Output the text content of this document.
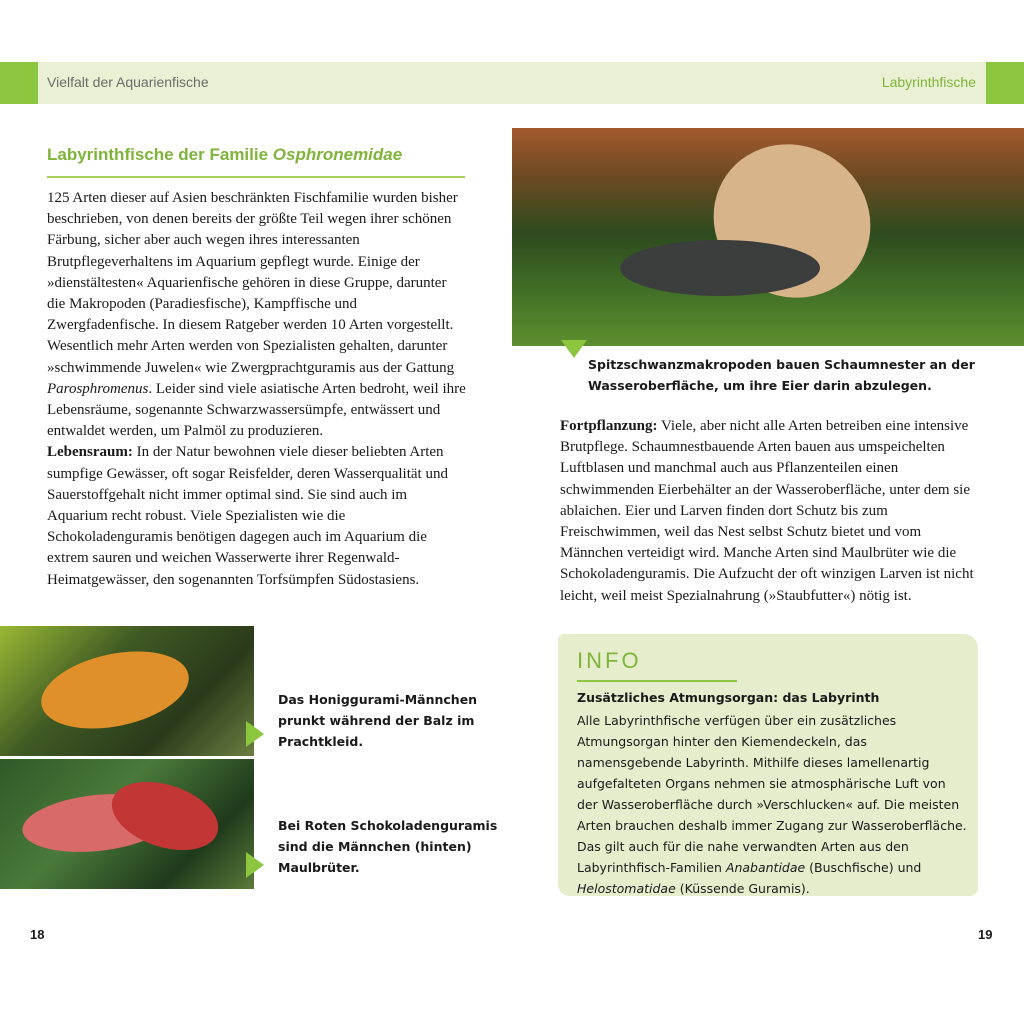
Vielfalt der Aquarienfische	Labyrinthfische
Labyrinthfische der Familie Osphronemidae

125 Arten dieser auf Asien beschränkten Fischfamilie wurden bisher beschrieben, von denen bereits der größte Teil wegen ihrer schönen Färbung, sicher aber auch wegen ihres interessanten Brutpflegeverhaltens im Aquarium gepflegt wurde. Einige der »dienstältesten« Aquarienfische gehören in diese Gruppe, darunter die Makropoden (Paradiesfische), Kampffische und Zwergfadenfische. In diesem Ratgeber werden 10 Arten vorgestellt. Wesentlich mehr Arten werden von Spezialisten gehalten, darunter »schwimmende Juwelen« wie Zwergprachtguramis aus der Gattung Parosphromenus. Leider sind viele asiatische Arten bedroht, weil ihre Lebensräume, sogenannte Schwarzwassersümpfe, entwässert und entwaldet werden, um Palmöl zu produzieren.

Lebensraum: In der Natur bewohnen viele dieser beliebten Arten sumpfige Gewässer, oft sogar Reisfelder, deren Wasserqualität und Sauerstoffgehalt nicht immer optimal sind. Sie sind auch im Aquarium recht robust. Viele Spezialisten wie die Schokoladenguramis benötigen dagegen auch im Aquarium die extrem sauren und weichen Wasserwerte ihrer Regenwald-Heimatgewässer, den sogenannten Torfsümpfen Südostasiens.

Spitzschwanzmakropoden bauen Schaumnester an der Wasseroberfläche, um ihre Eier darin abzulegen.

Fortpflanzung: Viele, aber nicht alle Arten betreiben eine intensive Brutpflege. Schaumnestbauende Arten bauen aus umspeichelten Luftblasen und manchmal auch aus Pflanzenteilen einen schwimmenden Eierbehälter an der Wasseroberfläche, unter dem sie ablaichen. Eier und Larven finden dort Schutz bis zum Freischwimmen, weil das Nest selbst Schutz bietet und vom Männchen verteidigt wird. Manche Arten sind Maulbrüter wie die Schokoladenguramis. Die Aufzucht der oft winzigen Larven ist nicht leicht, weil meist Spezialnahrung (»Staubfutter«) nötig ist.

Das Honiggurami-Männchen prunkt während der Balz im Prachtkleid.

Bei Roten Schokoladenguramis sind die Männchen (hinten) Maulbrüter.

INFO

Zusätzliches Atmungsorgan: das Labyrinth

Alle Labyrinthfische verfügen über ein zusätzliches Atmungsorgan hinter den Kiemendeckeln, das namensgebende Labyrinth. Mithilfe dieses lamellenartig aufgefalteten Organs nehmen sie atmosphärische Luft von der Wasseroberfläche durch »Verschlucken« auf. Die meisten Arten brauchen deshalb immer Zugang zur Wasseroberfläche. Das gilt auch für die nahe verwandten Arten aus den Labyrinthfisch-Familien Anabantidae (Buschfische) und Helostomatidae (Küssende Guramis).

18	19
